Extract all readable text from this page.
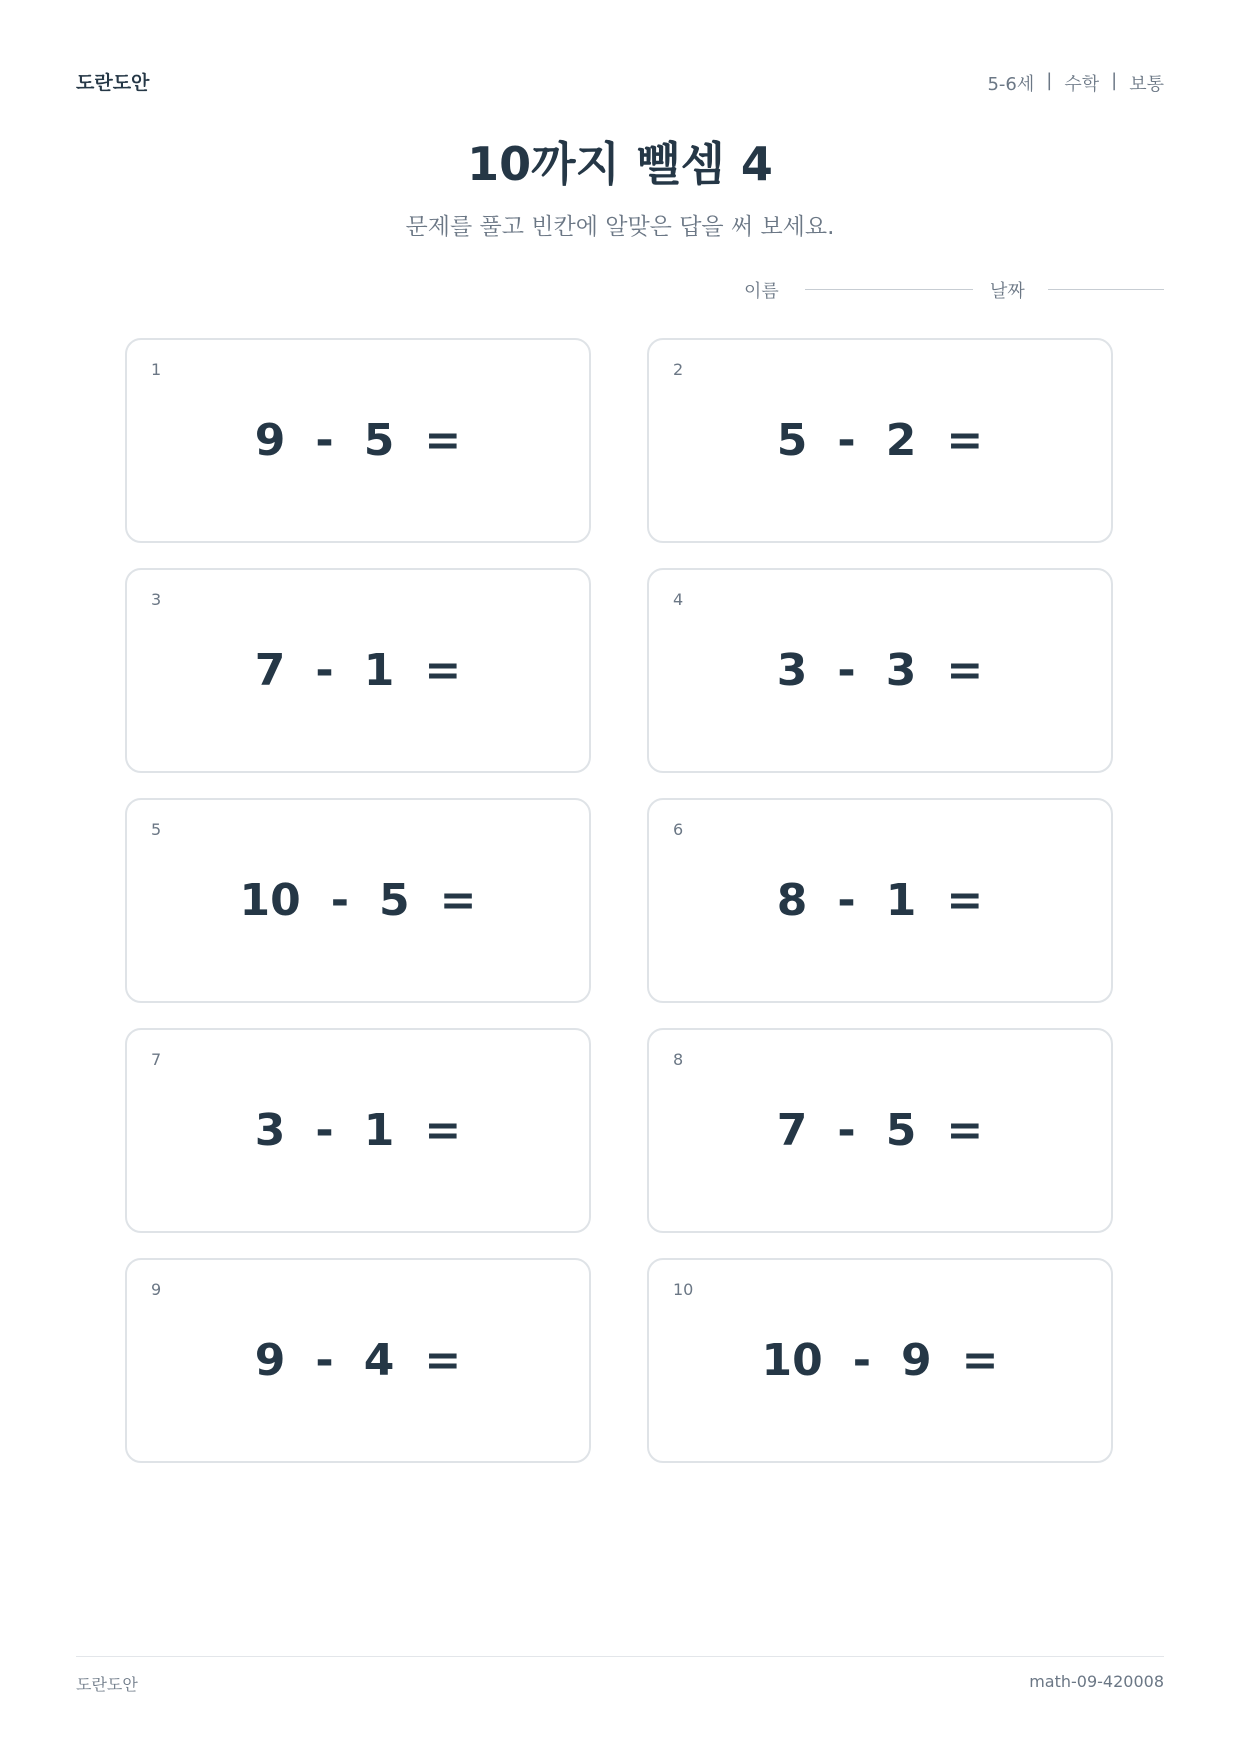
도란도안	5-6세 | 수학 | 보통
10까지 뺄셈 4
문제를 풀고 빈칸에 알맞은 답을 써 보세요.
이름	날짜
1
9 - 5 =
2
5 - 2 =
3
7 - 1 =
4
3 - 3 =
5
10 - 5 =
6
8 - 1 =
7
3 - 1 =
8
7 - 5 =
9
9 - 4 =
10
10 - 9 =
도란도안	math-09-420008
